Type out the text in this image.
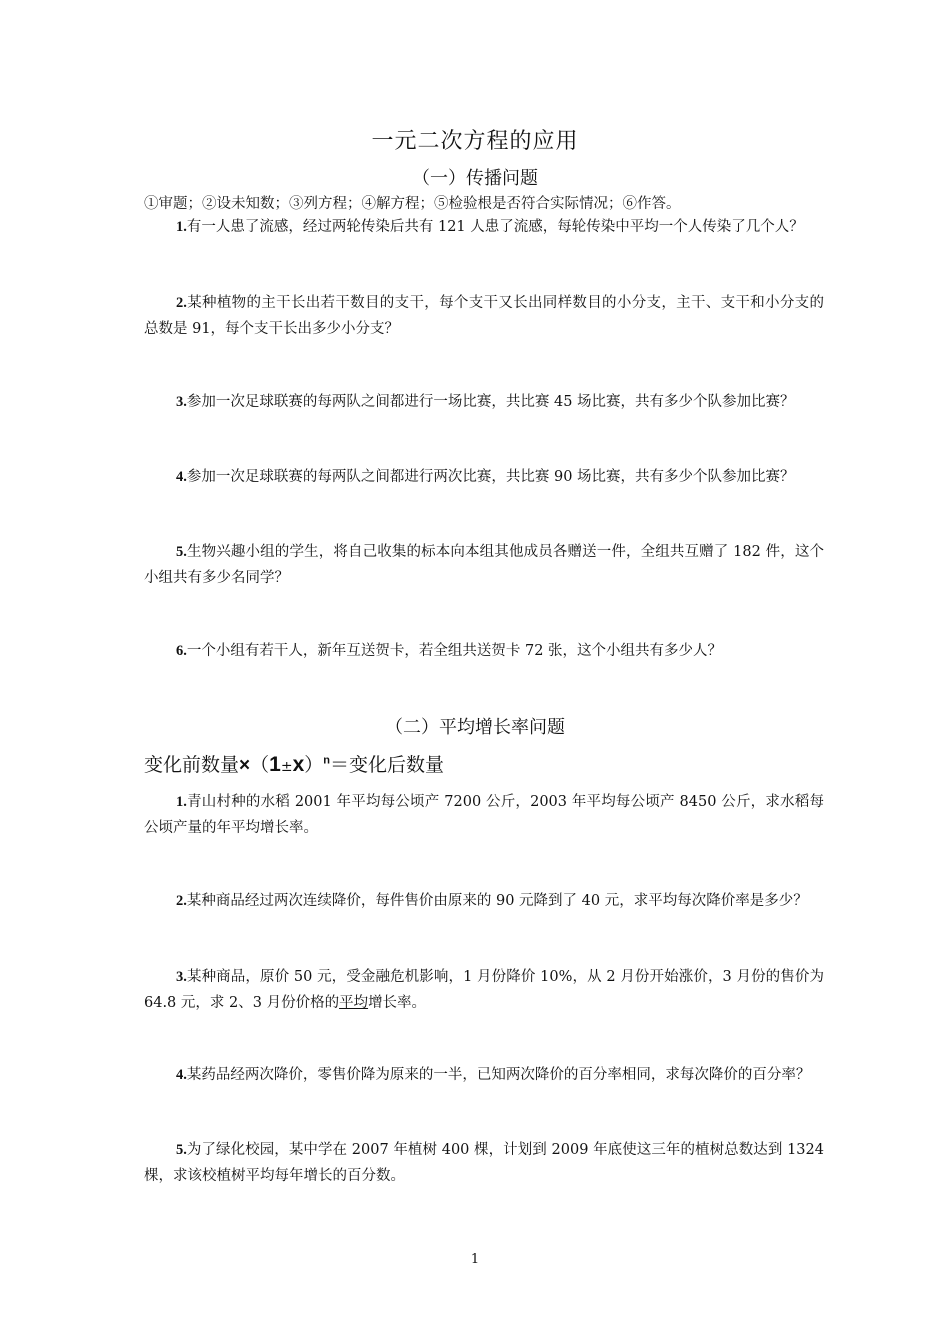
一元二次方程的应用
（一）传播问题
①审题；②设未知数；③列方程；④解方程；⑤检验根是否符合实际情况；⑥作答。
1.有一人患了流感，经过两轮传染后共有 121 人患了流感，每轮传染中平均一个人传染了几个人？
2.某种植物的主干长出若干数目的支干，每个支干又长出同样数目的小分支，主干、支干和小分支的总数是 91，每个支干长出多少小分支？
3.参加一次足球联赛的每两队之间都进行一场比赛，共比赛 45 场比赛，共有多少个队参加比赛？
4.参加一次足球联赛的每两队之间都进行两次比赛，共比赛 90 场比赛，共有多少个队参加比赛？
5.生物兴趣小组的学生，将自己收集的标本向本组其他成员各赠送一件，全组共互赠了 182 件，这个小组共有多少名同学？
6.一个小组有若干人，新年互送贺卡，若全组共送贺卡 72 张，这个小组共有多少人？
（二）平均增长率问题
变化前数量$\times(1\pm x)^n=$变化后数量
1.青山村种的水稻 2001 年平均每公顷产 7200 公斤，2003 年平均每公顷产 8450 公斤，求水稻每公顷产量的年平均增长率。
2.某种商品经过两次连续降价，每件售价由原来的 90 元降到了 40 元，求平均每次降价率是多少？
3.某种商品，原价 50 元，受金融危机影响，1 月份降价 10%，从 2 月份开始涨价，3 月份的售价为 64.8 元，求 2、3 月份价格的平均增长率。
4.某药品经两次降价，零售价降为原来的一半，已知两次降价的百分率相同，求每次降价的百分率？
5.为了绿化校园，某中学在 2007 年植树 400 棵，计划到 2009 年底使这三年的植树总数达到 1324 棵，求该校植树平均每年增长的百分数。
1
